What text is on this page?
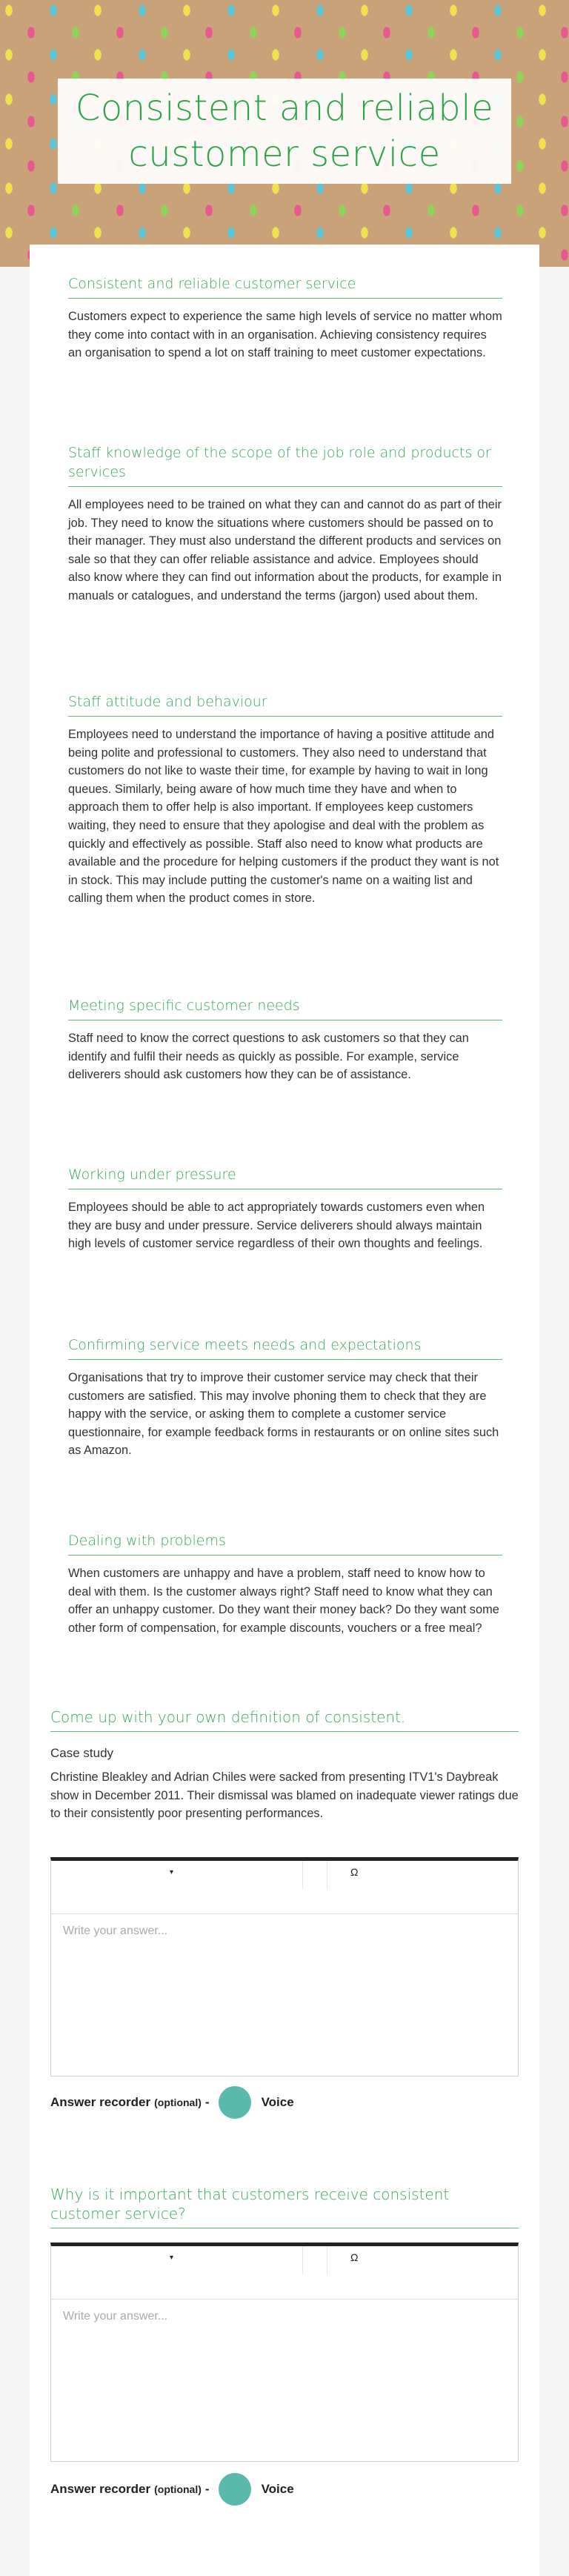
Consistent and reliable customer service
Consistent and reliable customer service
Customers expect to experience the same high levels of service no matter whom they come into contact with in an organisation. Achieving consistency requires an organisation to spend a lot on staff training to meet customer expectations.
Staff knowledge of the scope of the job role and products or services
All employees need to be trained on what they can and cannot do as part of their job. They need to know the situations where customers should be passed on to their manager. They must also understand the different products and services on sale so that they can offer reliable assistance and advice. Employees should also know where they can find out information about the products, for example in manuals or catalogues, and understand the terms (jargon) used about them.
Staff attitude and behaviour
Employees need to understand the importance of having a positive attitude and being polite and professional to customers. They also need to understand that customers do not like to waste their time, for example by having to wait in long queues. Similarly, being aware of how much time they have and when to approach them to offer help is also important. If employees keep customers waiting, they need to ensure that they apologise and deal with the problem as quickly and effectively as possible. Staff also need to know what products are available and the procedure for helping customers if the product they want is not in stock. This may include putting the customer's name on a waiting list and calling them when the product comes in store.
Meeting specific customer needs
Staff need to know the correct questions to ask customers so that they can identify and fulfil their needs as quickly as possible. For example, service deliverers should ask customers how they can be of assistance.
Working under pressure
Employees should be able to act appropriately towards customers even when they are busy and under pressure. Service deliverers should always maintain high levels of customer service regardless of their own thoughts and feelings.
Confirming service meets needs and expectations
Organisations that try to improve their customer service may check that their customers are satisfied. This may involve phoning them to check that they are happy with the service, or asking them to complete a customer service questionnaire, for example feedback forms in restaurants or on online sites such as Amazon.
Dealing with problems
When customers are unhappy and have a problem, staff need to know how to deal with them. Is the customer always right? Staff need to know what they can offer an unhappy customer. Do they want their money back? Do they want some other form of compensation, for example discounts, vouchers or a free meal?
Come up with your own definition of consistent.
Case study
Christine Bleakley and Adrian Chiles were sacked from presenting ITV1's Daybreak show in December 2011. Their dismissal was blamed on inadequate viewer ratings due to their consistently poor presenting performances.
▾	Ω
Write your answer...
Answer recorder (optional) -	Voice
Why is it important that customers receive consistent customer service?
▾	Ω
Write your answer...
Answer recorder (optional) -	Voice
